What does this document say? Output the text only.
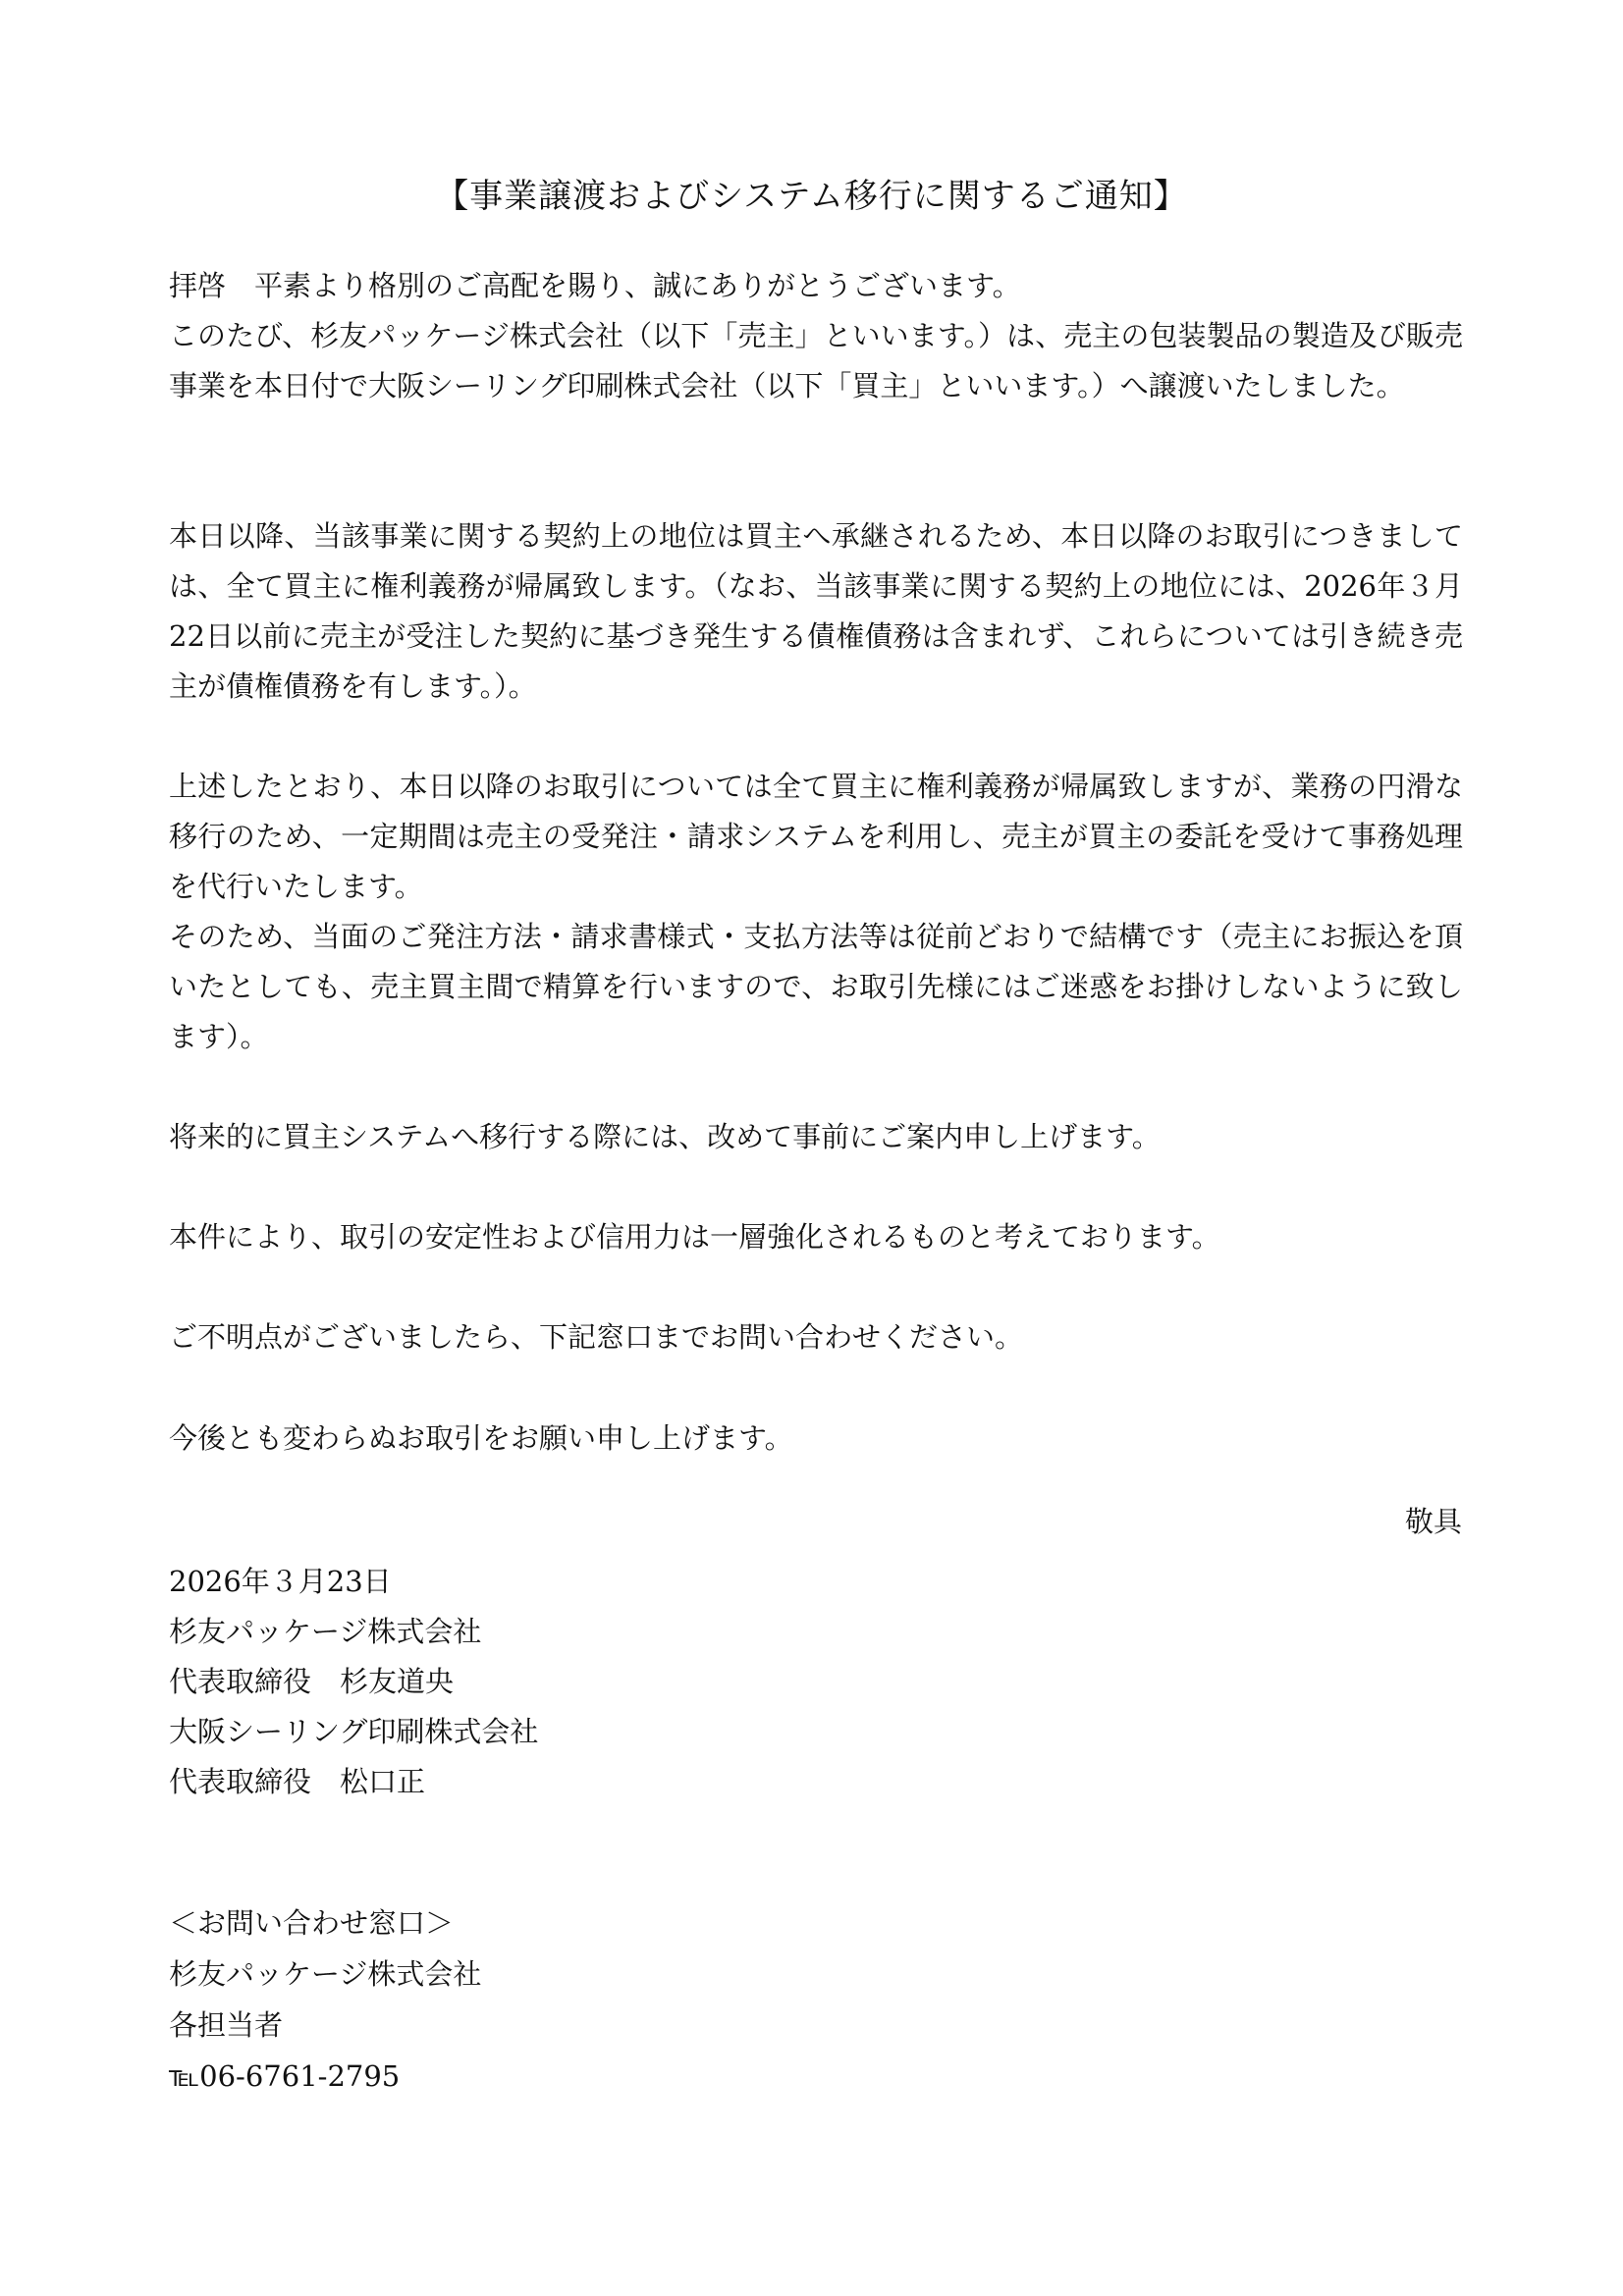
【事業譲渡およびシステム移行に関するご通知】

拝啓　平素より格別のご高配を賜り、誠にありがとうございます。

このたび、杉友パッケージ株式会社（以下「売主」といいます。）は、売主の包装製品の製造及び販売事業を本日付で大阪シーリング印刷株式会社（以下「買主」といいます。）へ譲渡いたしました。

本日以降、当該事業に関する契約上の地位は買主へ承継されるため、本日以降のお取引につきましては、全て買主に権利義務が帰属致します。（なお、当該事業に関する契約上の地位には、2026年３月22日以前に売主が受注した契約に基づき発生する債権債務は含まれず、これらについては引き続き売主が債権債務を有します。）。

上述したとおり、本日以降のお取引については全て買主に権利義務が帰属致しますが、業務の円滑な移行のため、一定期間は売主の受発注・請求システムを利用し、売主が買主の委託を受けて事務処理を代行いたします。

そのため、当面のご発注方法・請求書様式・支払方法等は従前どおりで結構です（売主にお振込を頂いたとしても、売主買主間で精算を行いますので、お取引先様にはご迷惑をお掛けしないように致します）。

将来的に買主システムへ移行する際には、改めて事前にご案内申し上げます。

本件により、取引の安定性および信用力は一層強化されるものと考えております。

ご不明点がございましたら、下記窓口までお問い合わせください。

今後とも変わらぬお取引をお願い申し上げます。

敬具

2026年３月23日
杉友パッケージ株式会社
代表取締役　杉友道央
大阪シーリング印刷株式会社
代表取締役　松口正
＜お問い合わせ窓口＞
杉友パッケージ株式会社
各担当者
℡06-6761-2795
